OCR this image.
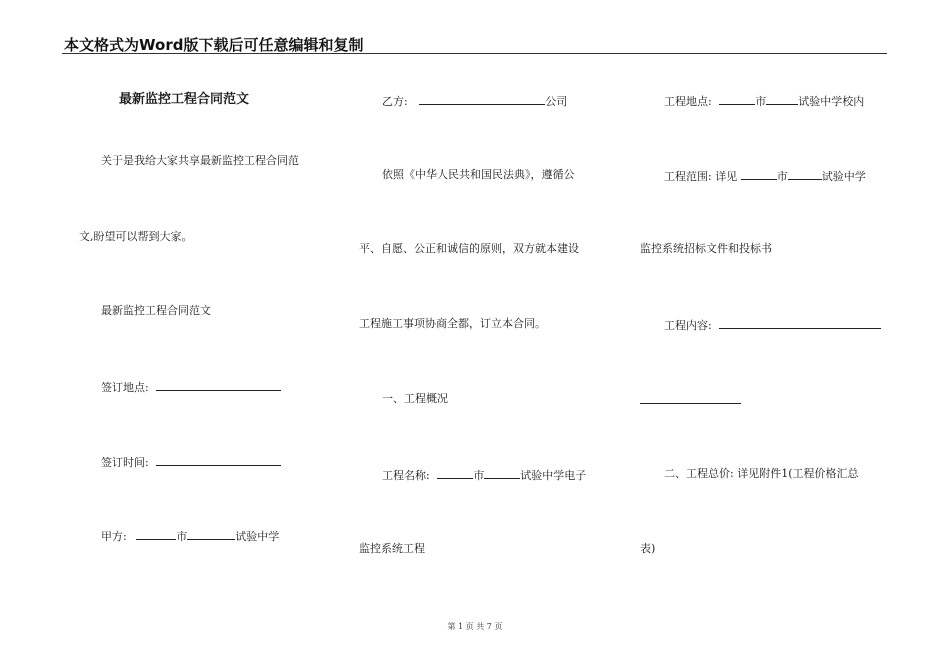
本文格式为Word版下载后可任意编辑和复制
最新监控工程合同范文
关于是我给大家共享最新监控工程合同范
文,盼望可以帮到大家。
最新监控工程合同范文
签订地点:
签订时间:
甲方:	市	试验中学
乙方:	公司
依照《中华人民共和国民法典》，遵循公
平、自愿、公正和诚信的原则，双方就本建设
工程施工事项协商全都，订立本合同。
一、工程概况
工程名称:	市	试验中学电子
监控系统工程
工程地点:	市	试验中学校内
工程范围: 详见	市	试验中学
监控系统招标文件和投标书
工程内容:
二、工程总价: 详见附件1(工程价格汇总
表)
第 1 页 共 7 页
